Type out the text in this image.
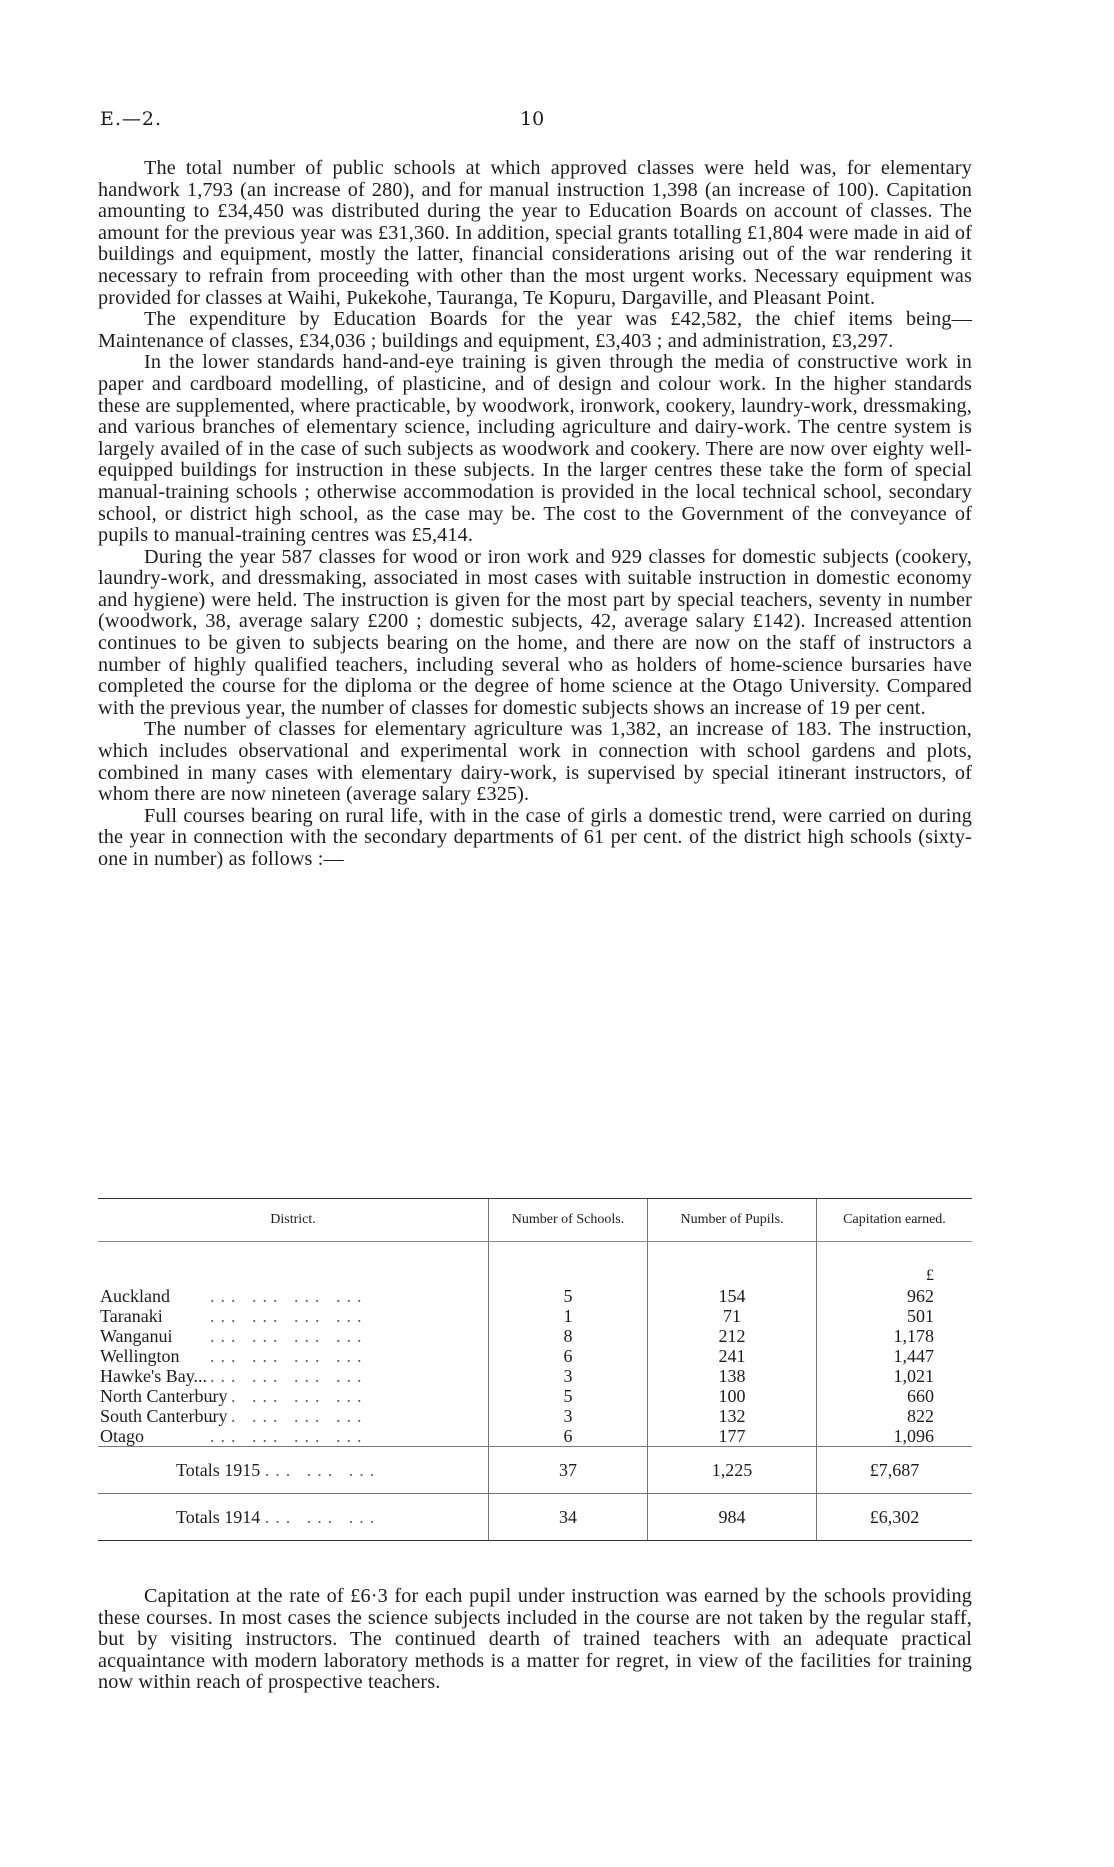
E.—2.	10

The total number of public schools at which approved classes were held was, for elementary handwork 1,793 (an increase of 280), and for manual instruction 1,398 (an increase of 100). Capitation amounting to £34,450 was distributed during the year to Education Boards on account of classes. The amount for the previous year was £31,360. In addition, special grants totalling £1,804 were made in aid of buildings and equipment, mostly the latter, financial considerations arising out of the war rendering it necessary to refrain from proceeding with other than the most urgent works. Necessary equipment was provided for classes at Waihi, Pukekohe, Tauranga, Te Kopuru, Dargaville, and Pleasant Point.

The expenditure by Education Boards for the year was £42,582, the chief items being—Maintenance of classes, £34,036 ; buildings and equipment, £3,403 ; and administration, £3,297.

In the lower standards hand-and-eye training is given through the media of constructive work in paper and cardboard modelling, of plasticine, and of design and colour work. In the higher standards these are supplemented, where practicable, by woodwork, ironwork, cookery, laundry-work, dressmaking, and various branches of elementary science, including agriculture and dairy-work. The centre system is largely availed of in the case of such subjects as woodwork and cookery. There are now over eighty well-equipped buildings for instruction in these subjects. In the larger centres these take the form of special manual-training schools ; otherwise accommodation is provided in the local technical school, secondary school, or district high school, as the case may be. The cost to the Government of the conveyance of pupils to manual-training centres was £5,414.

During the year 587 classes for wood or iron work and 929 classes for domestic subjects (cookery, laundry-work, and dressmaking, associated in most cases with suitable instruction in domestic economy and hygiene) were held. The instruction is given for the most part by special teachers, seventy in number (woodwork, 38, average salary £200 ; domestic subjects, 42, average salary £142). Increased attention continues to be given to subjects bearing on the home, and there are now on the staff of instructors a number of highly qualified teachers, including several who as holders of home-science bursaries have completed the course for the diploma or the degree of home science at the Otago University. Compared with the previous year, the number of classes for domestic subjects shows an increase of 19 per cent.

The number of classes for elementary agriculture was 1,382, an increase of 183. The instruction, which includes observational and experimental work in connection with school gardens and plots, combined in many cases with elementary dairy-work, is supervised by special itinerant instructors, of whom there are now nineteen (average salary £325).

Full courses bearing on rural life, with in the case of girls a domestic trend, were carried on during the year in connection with the secondary departments of 61 per cent. of the district high schools (sixty-one in number) as follows :—

District.	Number of Schools.	Number of Pupils.	Capitation earned.
			£
Auckland ... ... ... ...	5	154	962
Taranaki ... ... ... ...	1	71	501
Wanganui ... ... ... ...	8	212	1,178
Wellington ... ... ... ...	6	241	1,447
Hawke's Bay... ... ... ... ...	3	138	1,021
North Canterbury... ... ... ...	5	100	660
South Canterbury... ... ... ...	3	132	822
Otago ... ... ... ...	6	177	1,096
Totals 1915 ... ... ...	37	1,225	£7,687
Totals 1914 ... ... ...	34	984	£6,302

Capitation at the rate of £6·3 for each pupil under instruction was earned by the schools providing these courses. In most cases the science subjects included in the course are not taken by the regular staff, but by visiting instructors. The continued dearth of trained teachers with an adequate practical acquaintance with modern laboratory methods is a matter for regret, in view of the facilities for training now within reach of prospective teachers.
